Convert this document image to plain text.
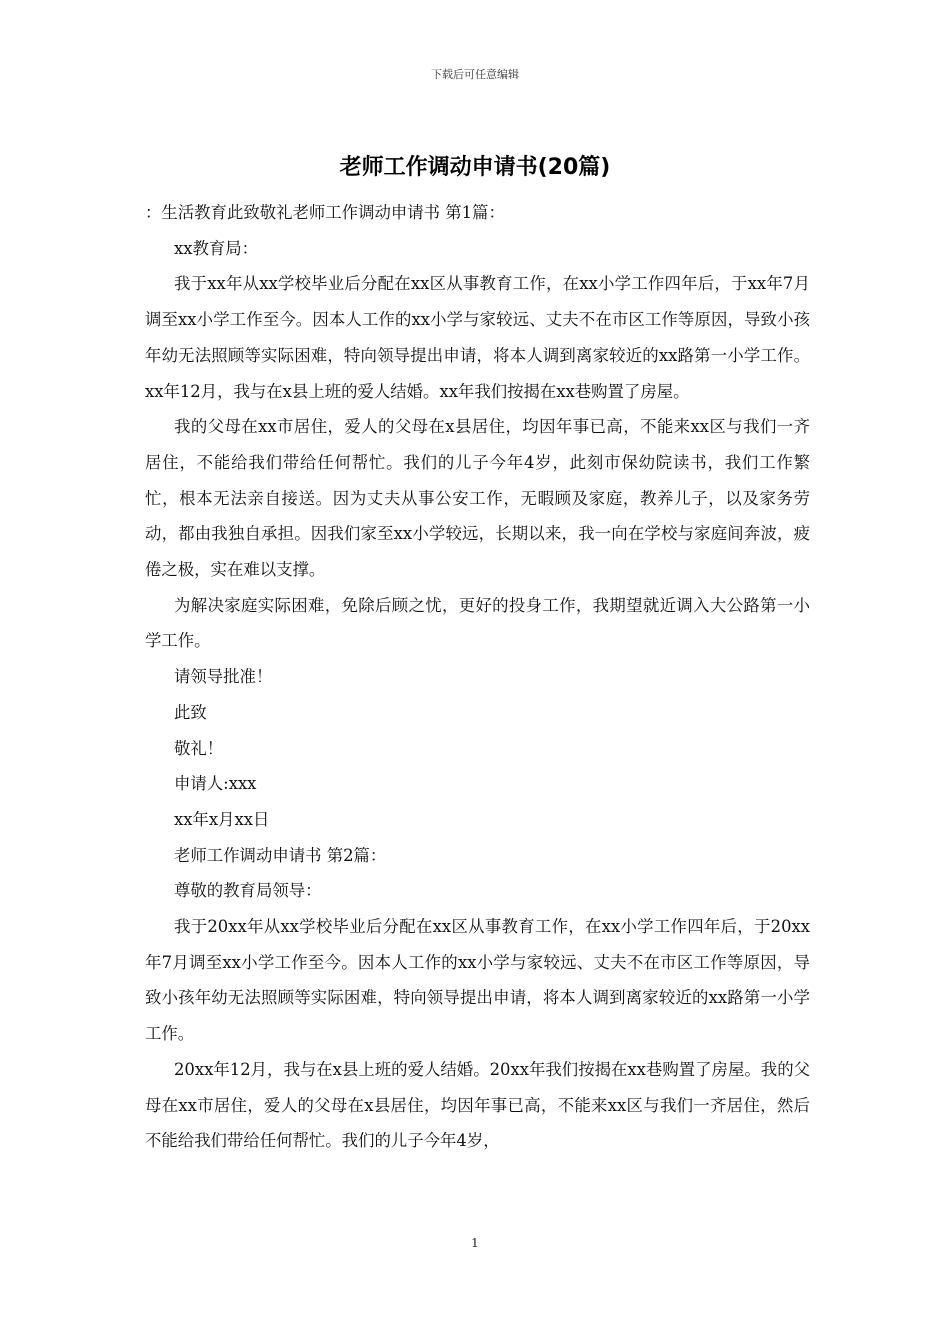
下载后可任意编辑
老师工作调动申请书(20篇)

：生活教育此致敬礼老师工作调动申请书 第1篇：

xx教育局：

我于xx年从xx学校毕业后分配在xx区从事教育工作，在xx小学工作四年后，于xx年7月调至xx小学工作至今。因本人工作的xx小学与家较远、丈夫不在市区工作等原因，导致小孩年幼无法照顾等实际困难，特向领导提出申请，将本人调到离家较近的xx路第一小学工作。xx年12月，我与在x县上班的爱人结婚。xx年我们按揭在xx巷购置了房屋。

我的父母在xx市居住，爱人的父母在x县居住，均因年事已高，不能来xx区与我们一齐居住，不能给我们带给任何帮忙。我们的儿子今年4岁，此刻市保幼院读书，我们工作繁忙，根本无法亲自接送。因为丈夫从事公安工作，无暇顾及家庭，教养儿子，以及家务劳动，都由我独自承担。因我们家至xx小学较远，长期以来，我一向在学校与家庭间奔波，疲倦之极，实在难以支撑。

为解决家庭实际困难，免除后顾之忧，更好的投身工作，我期望就近调入大公路第一小学工作。

请领导批准！

此致

敬礼！

申请人:xxx

xx年x月xx日

老师工作调动申请书 第2篇：

尊敬的教育局领导：

我于20xx年从xx学校毕业后分配在xx区从事教育工作，在xx小学工作四年后，于20xx年7月调至xx小学工作至今。因本人工作的xx小学与家较远、丈夫不在市区工作等原因，导致小孩年幼无法照顾等实际困难，特向领导提出申请，将本人调到离家较近的xx路第一小学工作。

20xx年12月，我与在x县上班的爱人结婚。20xx年我们按揭在xx巷购置了房屋。我的父母在xx市居住，爱人的父母在x县居住，均因年事已高，不能来xx区与我们一齐居住，然后不能给我们带给任何帮忙。我们的儿子今年4岁，

1
